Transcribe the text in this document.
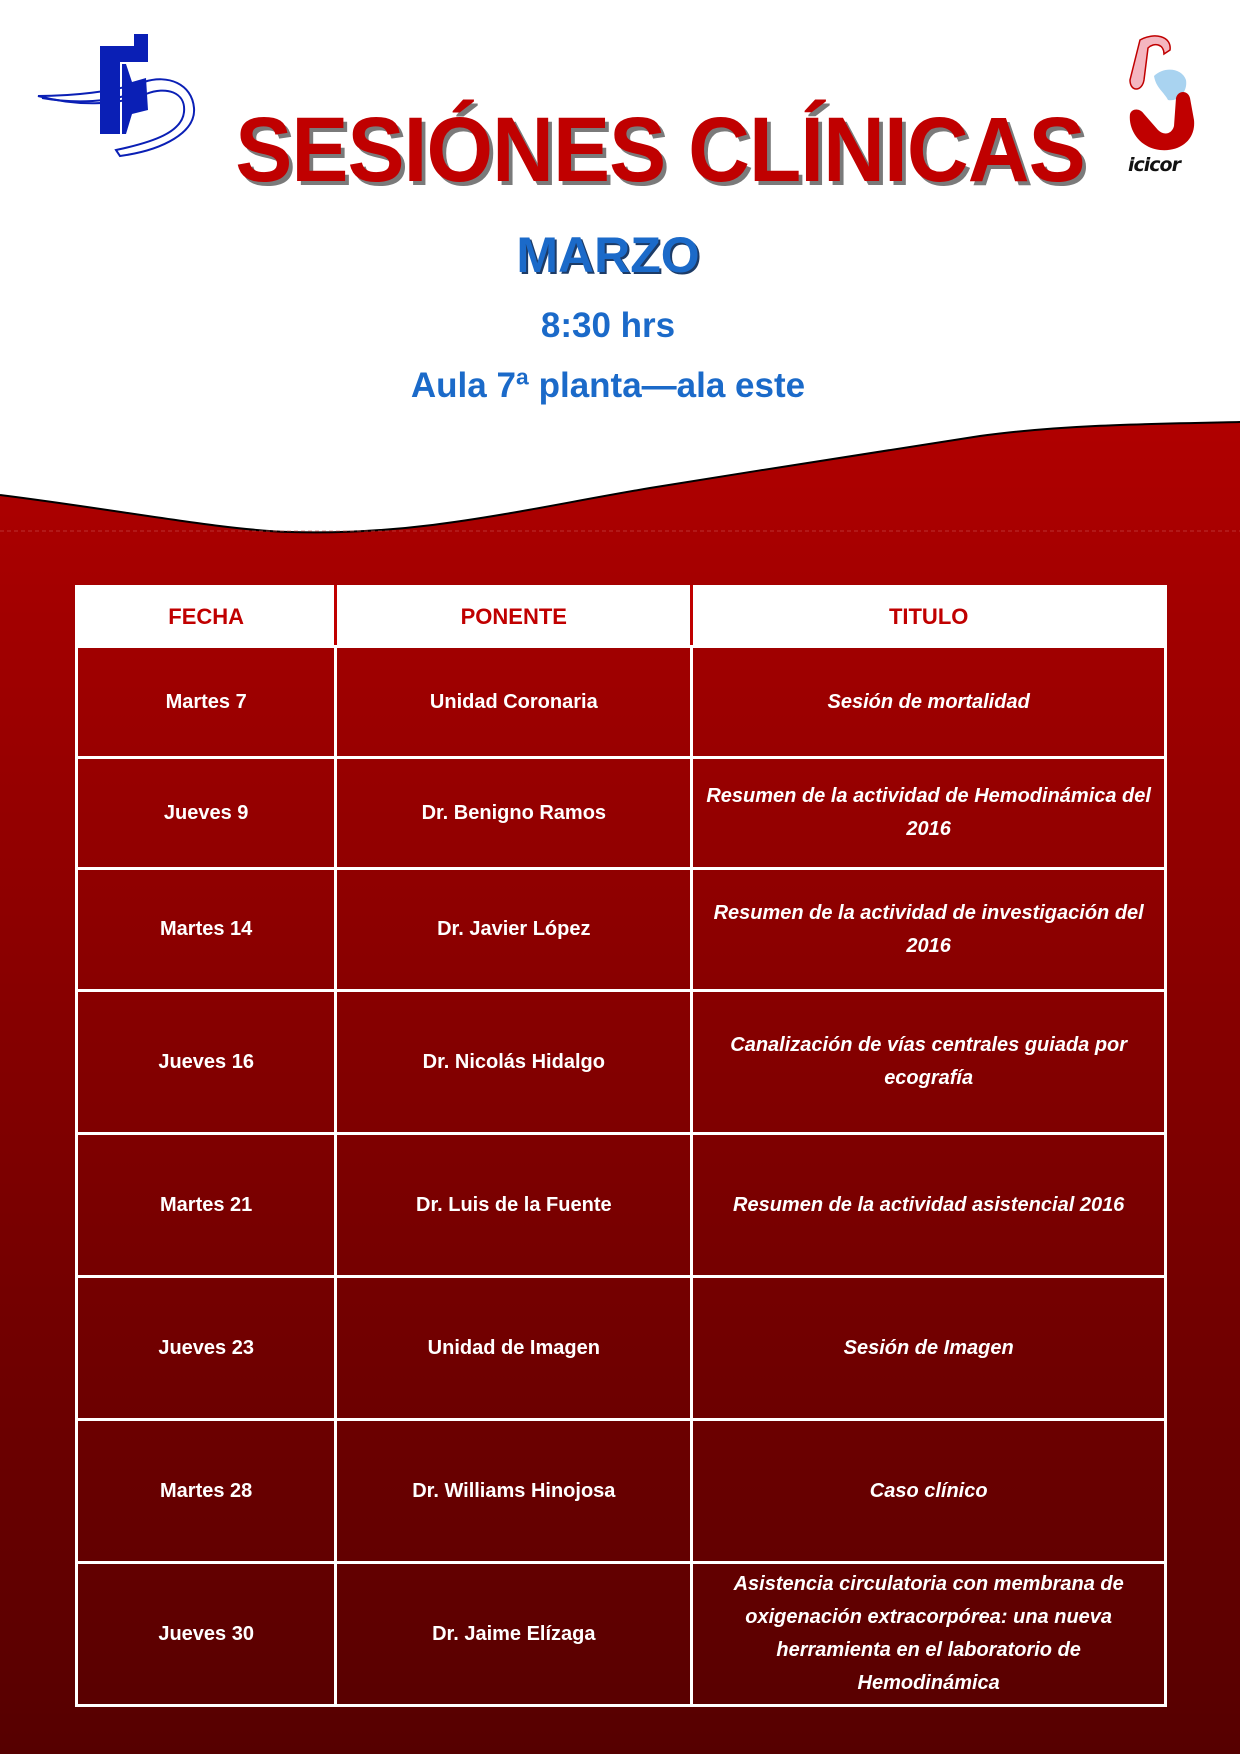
icicor
SESIÓNES CLÍNICAS
MARZO
8:30 hrs
Aula 7ª planta—ala este
FECHA	PONENTE	TITULO
Martes 7	Unidad Coronaria	Sesión de mortalidad
Jueves 9	Dr. Benigno Ramos	Resumen de la actividad de Hemodinámica del 2016
Martes 14	Dr. Javier López	Resumen de la actividad de investigación del 2016
Jueves 16	Dr. Nicolás Hidalgo	Canalización de vías centrales guiada por ecografía
Martes 21	Dr. Luis de la Fuente	Resumen de la actividad asistencial 2016
Jueves 23	Unidad de Imagen	Sesión de Imagen
Martes 28	Dr. Williams Hinojosa	Caso clínico
Jueves 30	Dr. Jaime Elízaga	Asistencia circulatoria con membrana de oxigenación extracorpórea: una nueva herramienta en el laboratorio de Hemodinámica
